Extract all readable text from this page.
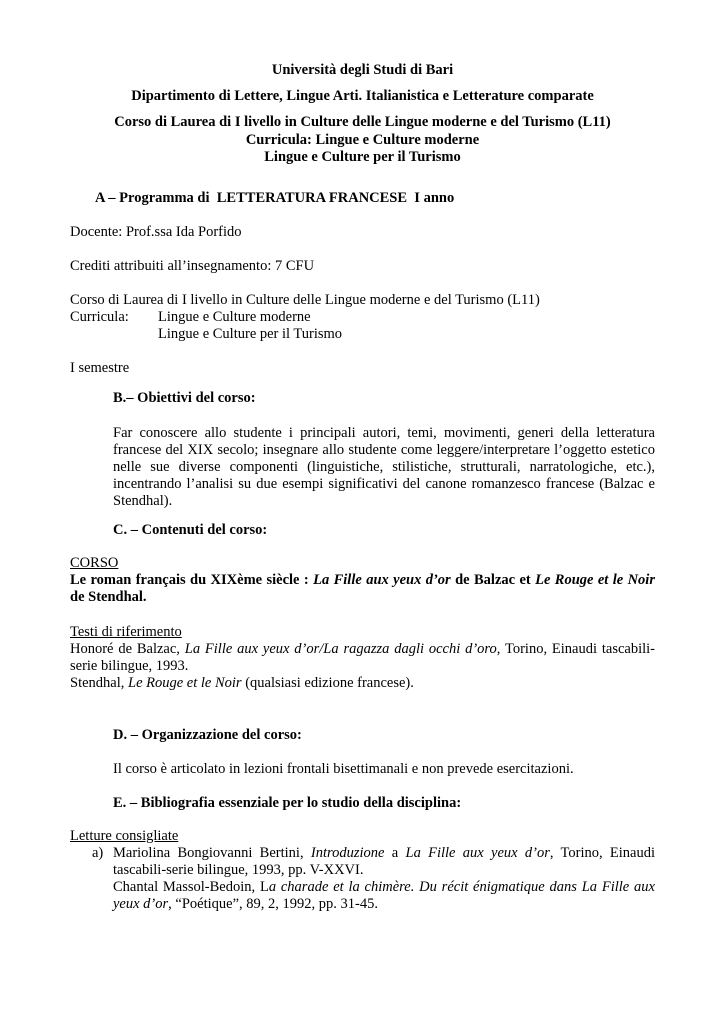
Università degli Studi di Bari

Dipartimento di Lettere, Lingue Arti. Italianistica e Letterature comparate

Corso di Laurea di I livello in Culture delle Lingue moderne e del Turismo (L11)

Curricula: Lingue e Culture moderne

Lingue e Culture per il Turismo

A – Programma di  LETTERATURA FRANCESE  I anno

Docente: Prof.ssa Ida Porfido

Crediti attribuiti all’insegnamento: 7 CFU

Corso di Laurea di I livello in Culture delle Lingue moderne e del Turismo (L11)

Curricula: Lingue e Culture moderne
Lingue e Culture per il Turismo

I semestre

B.– Obiettivi del corso:

Far conoscere allo studente i principali autori, temi, movimenti, generi della letteratura francese del XIX secolo; insegnare allo studente come leggere/interpretare l’oggetto estetico nelle sue diverse componenti (linguistiche, stilistiche, strutturali, narratologiche, etc.), incentrando l’analisi su due esempi significativi del canone romanzesco francese (Balzac e Stendhal).

C. – Contenuti del corso:

CORSO

Le roman français du XIXème siècle : La Fille aux yeux d’or de Balzac et Le Rouge et le Noir de Stendhal.

Testi di riferimento

Honoré de Balzac, La Fille aux yeux d’or/La ragazza dagli occhi d’oro, Torino, Einaudi tascabili-serie bilingue, 1993.

Stendhal, Le Rouge et le Noir (qualsiasi edizione francese).

D. – Organizzazione del corso:

Il corso è articolato in lezioni frontali bisettimanali e non prevede esercitazioni.

E. – Bibliografia essenziale per lo studio della disciplina:

Letture consigliate

a) Mariolina Bongiovanni Bertini, Introduzione a La Fille aux yeux d’or, Torino, Einaudi tascabili-serie bilingue, 1993, pp. V-XXVI.

Chantal Massol-Bedoin, La charade et la chimère. Du récit énigmatique dans La Fille aux yeux d’or, “Poétique”, 89, 2, 1992, pp. 31-45.
